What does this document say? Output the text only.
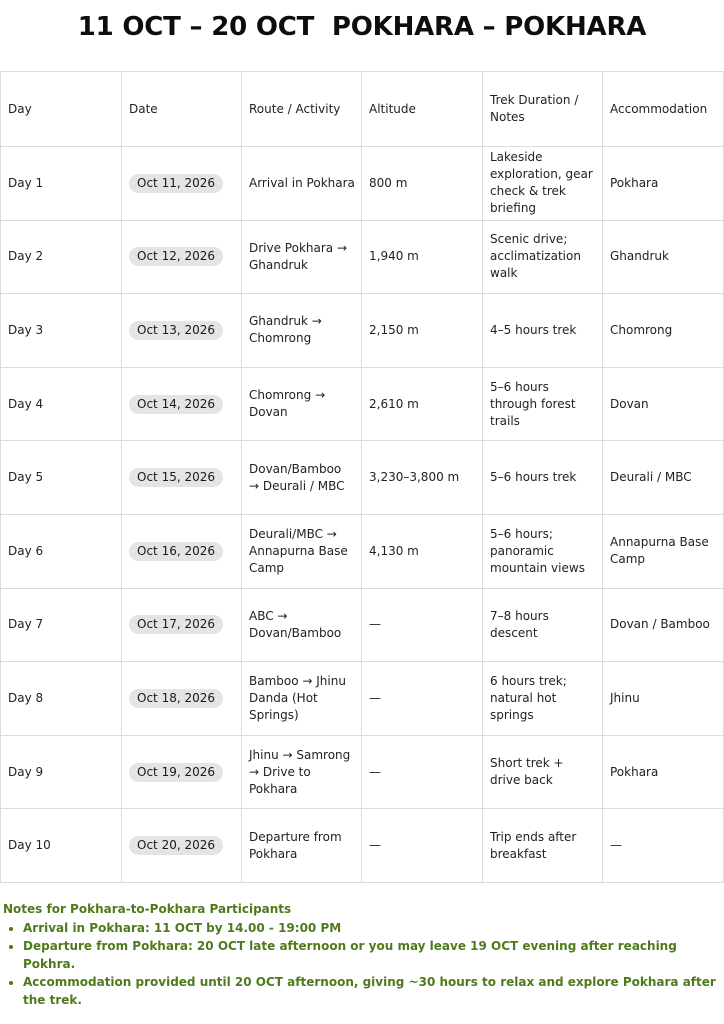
11 OCT – 20 OCT  POKHARA – POKHARA
Day	Date	Route / Activity	Altitude	Trek Duration / Notes	Accommodation
Day 1	Oct 11, 2026	Arrival in Pokhara	800 m	Lakeside exploration, gear check & trek briefing	Pokhara
Day 2	Oct 12, 2026	Drive Pokhara → Ghandruk	1,940 m	Scenic drive; acclimatization walk	Ghandruk
Day 3	Oct 13, 2026	Ghandruk → Chomrong	2,150 m	4–5 hours trek	Chomrong
Day 4	Oct 14, 2026	Chomrong → Dovan	2,610 m	5–6 hours through forest trails	Dovan
Day 5	Oct 15, 2026	Dovan/Bamboo → Deurali / MBC	3,230–3,800 m	5–6 hours trek	Deurali / MBC
Day 6	Oct 16, 2026	Deurali/MBC → Annapurna Base Camp	4,130 m	5–6 hours; panoramic mountain views	Annapurna Base Camp
Day 7	Oct 17, 2026	ABC → Dovan/Bamboo	—	7–8 hours descent	Dovan / Bamboo
Day 8	Oct 18, 2026	Bamboo → Jhinu Danda (Hot Springs)	—	6 hours trek; natural hot springs	Jhinu
Day 9	Oct 19, 2026	Jhinu → Samrong → Drive to Pokhara	—	Short trek + drive back	Pokhara
Day 10	Oct 20, 2026	Departure from Pokhara	—	Trip ends after breakfast	—
Notes for Pokhara-to-Pokhara Participants
• Arrival in Pokhara: 11 OCT by 14.00 - 19:00 PM
• Departure from Pokhara: 20 OCT late afternoon or you may leave 19 OCT evening after reaching Pokhra.
• Accommodation provided until 20 OCT afternoon, giving ~30 hours to relax and explore Pokhara after the trek.
